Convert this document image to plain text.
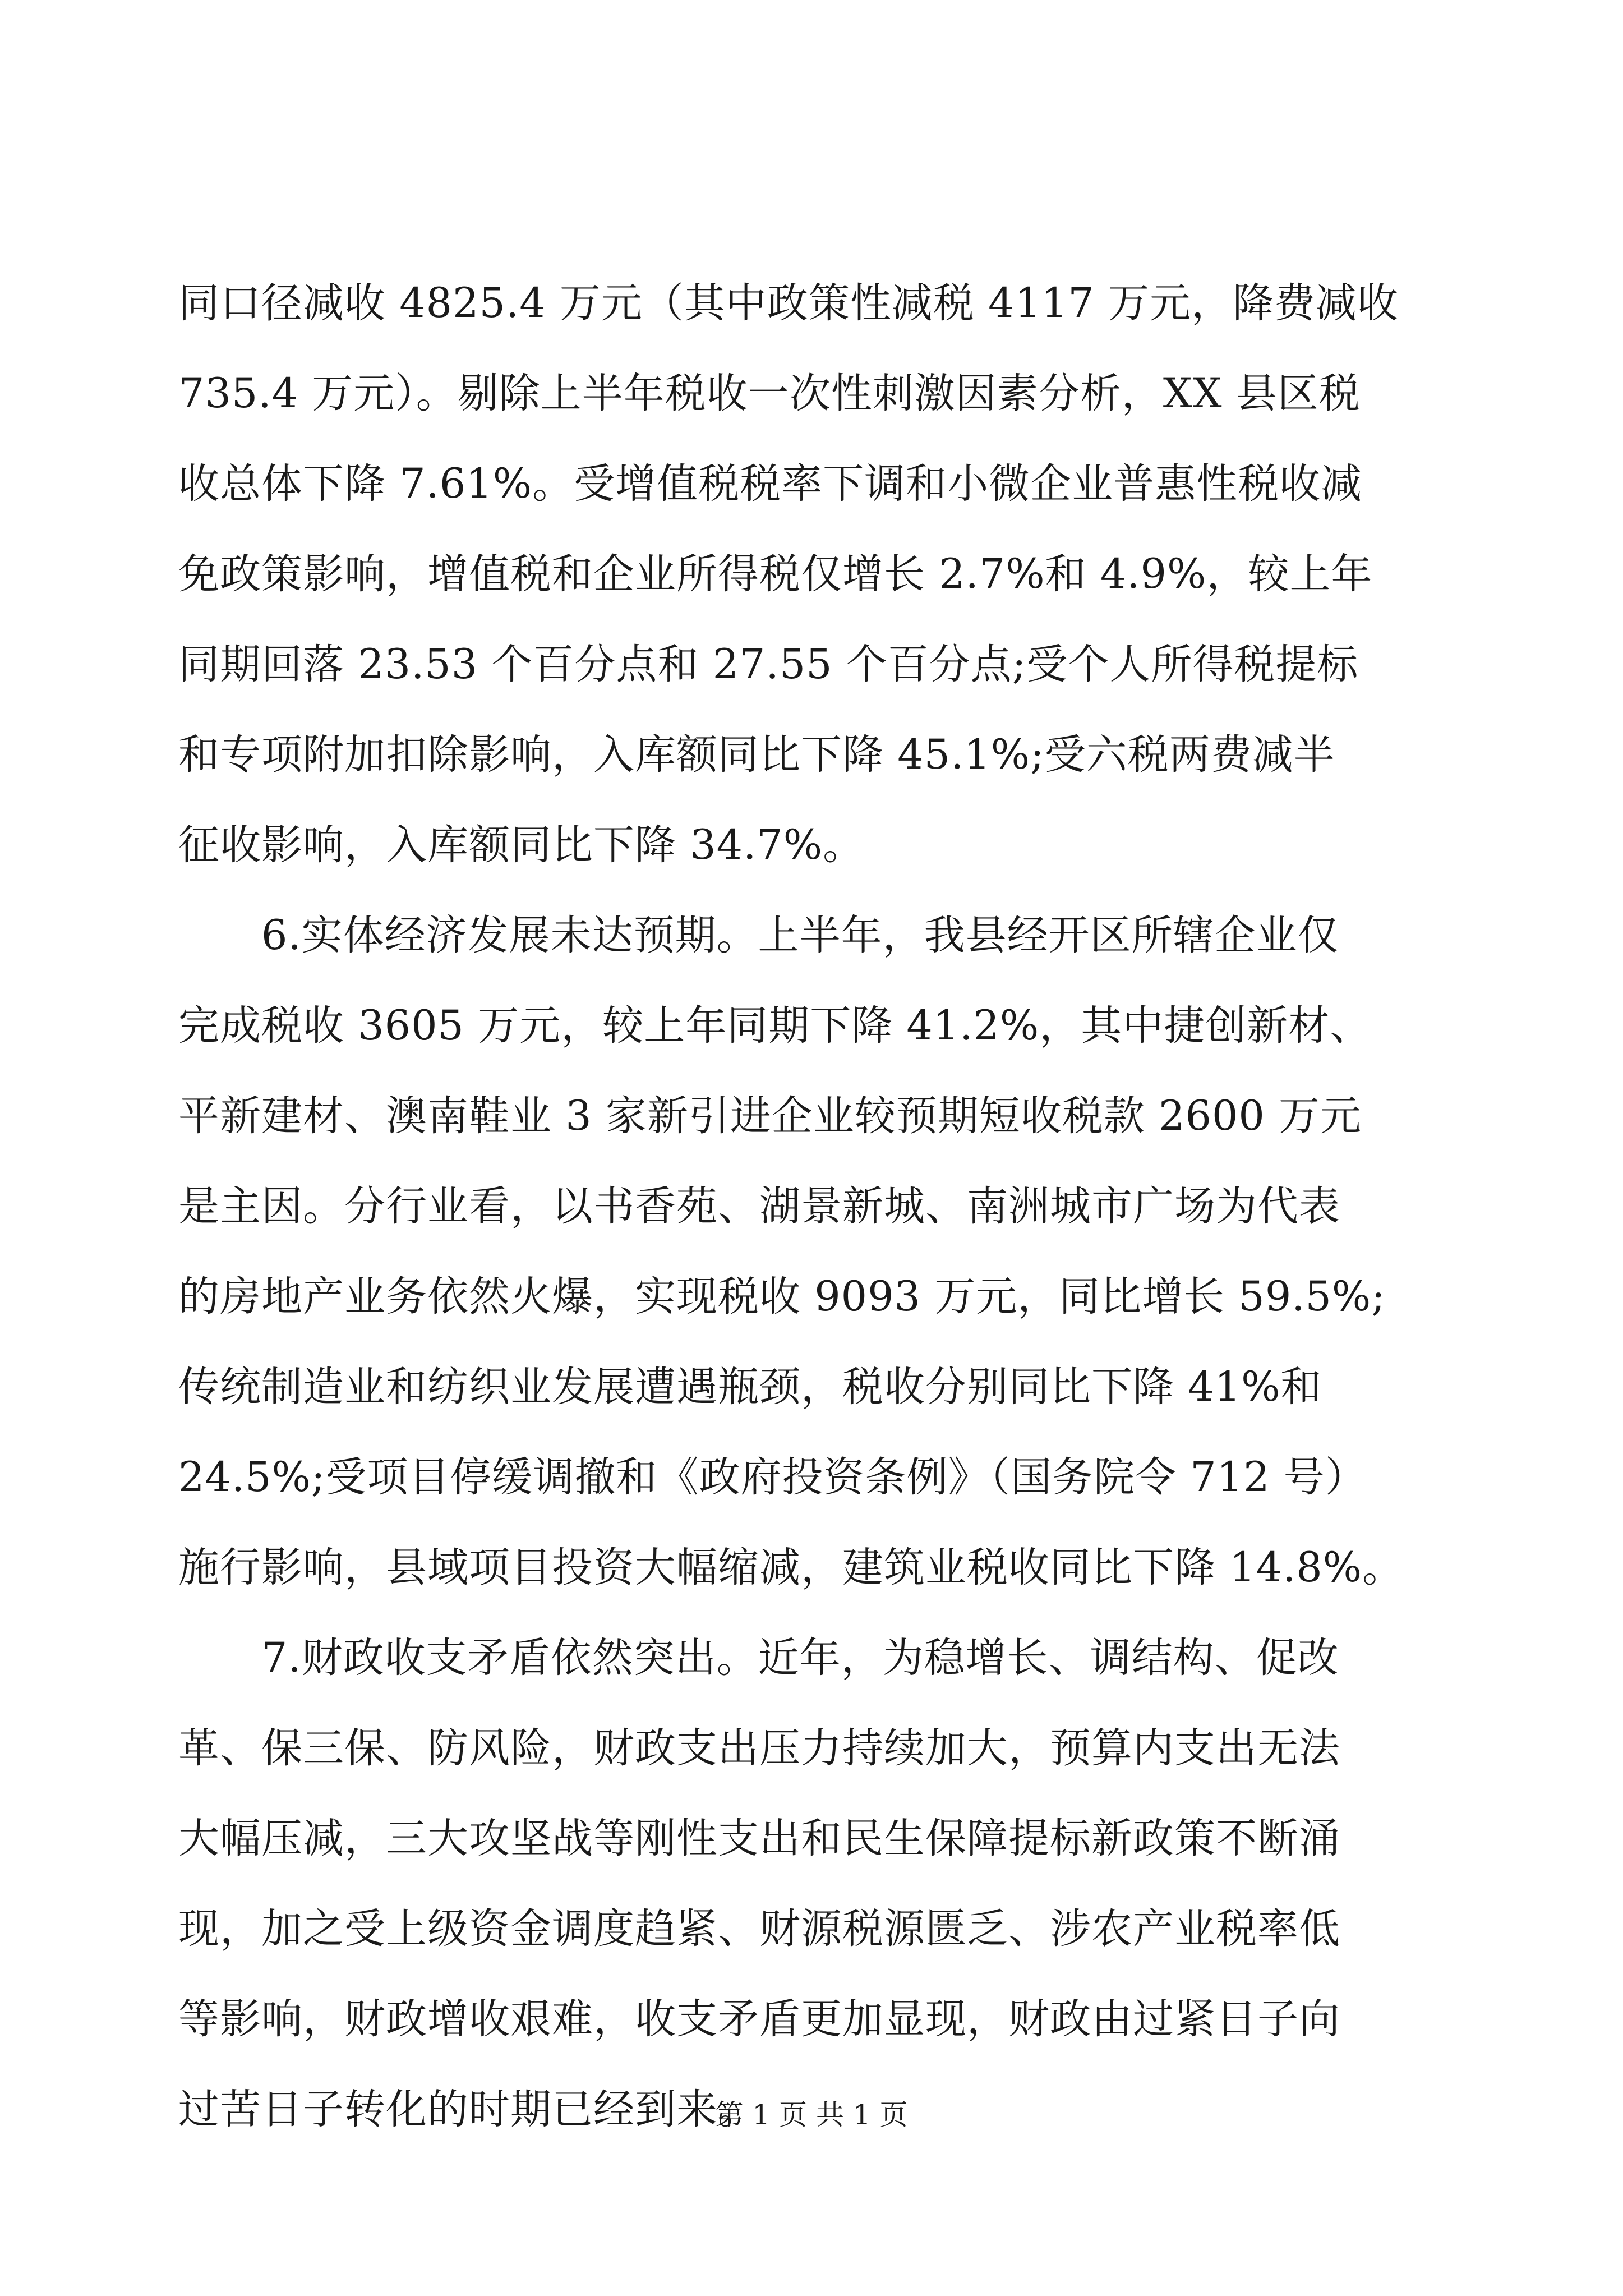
同口径减收 4825.4 万元（其中政策性减税 4117 万元，降费减收
735.4 万元）。剔除上半年税收一次性刺激因素分析，XX 县区税
收总体下降 7.61%。受增值税税率下调和小微企业普惠性税收减
免政策影响，增值税和企业所得税仅增长 2.7%和 4.9%，较上年
同期回落 23.53 个百分点和 27.55 个百分点;受个人所得税提标
和专项附加扣除影响，入库额同比下降 45.1%;受六税两费减半
征收影响，入库额同比下降 34.7%。
　　6.实体经济发展未达预期。上半年，我县经开区所辖企业仅
完成税收 3605 万元，较上年同期下降 41.2%，其中捷创新材、
平新建材、澳南鞋业 3 家新引进企业较预期短收税款 2600 万元
是主因。分行业看，以书香苑、湖景新城、南洲城市广场为代表
的房地产业务依然火爆，实现税收 9093 万元，同比增长 59.5%;
传统制造业和纺织业发展遭遇瓶颈，税收分别同比下降 41%和
24.5%;受项目停缓调撤和《政府投资条例》（国务院令 712 号）
施行影响，县域项目投资大幅缩减，建筑业税收同比下降 14.8%。
　　7.财政收支矛盾依然突出。近年，为稳增长、调结构、促改
革、保三保、防风险，财政支出压力持续加大，预算内支出无法
大幅压减，三大攻坚战等刚性支出和民生保障提标新政策不断涌
现，加之受上级资金调度趋紧、财源税源匮乏、涉农产业税率低
等影响，财政增收艰难，收支矛盾更加显现，财政由过紧日子向
过苦日子转化的时期已经到来。
第 1 页 共 1 页
